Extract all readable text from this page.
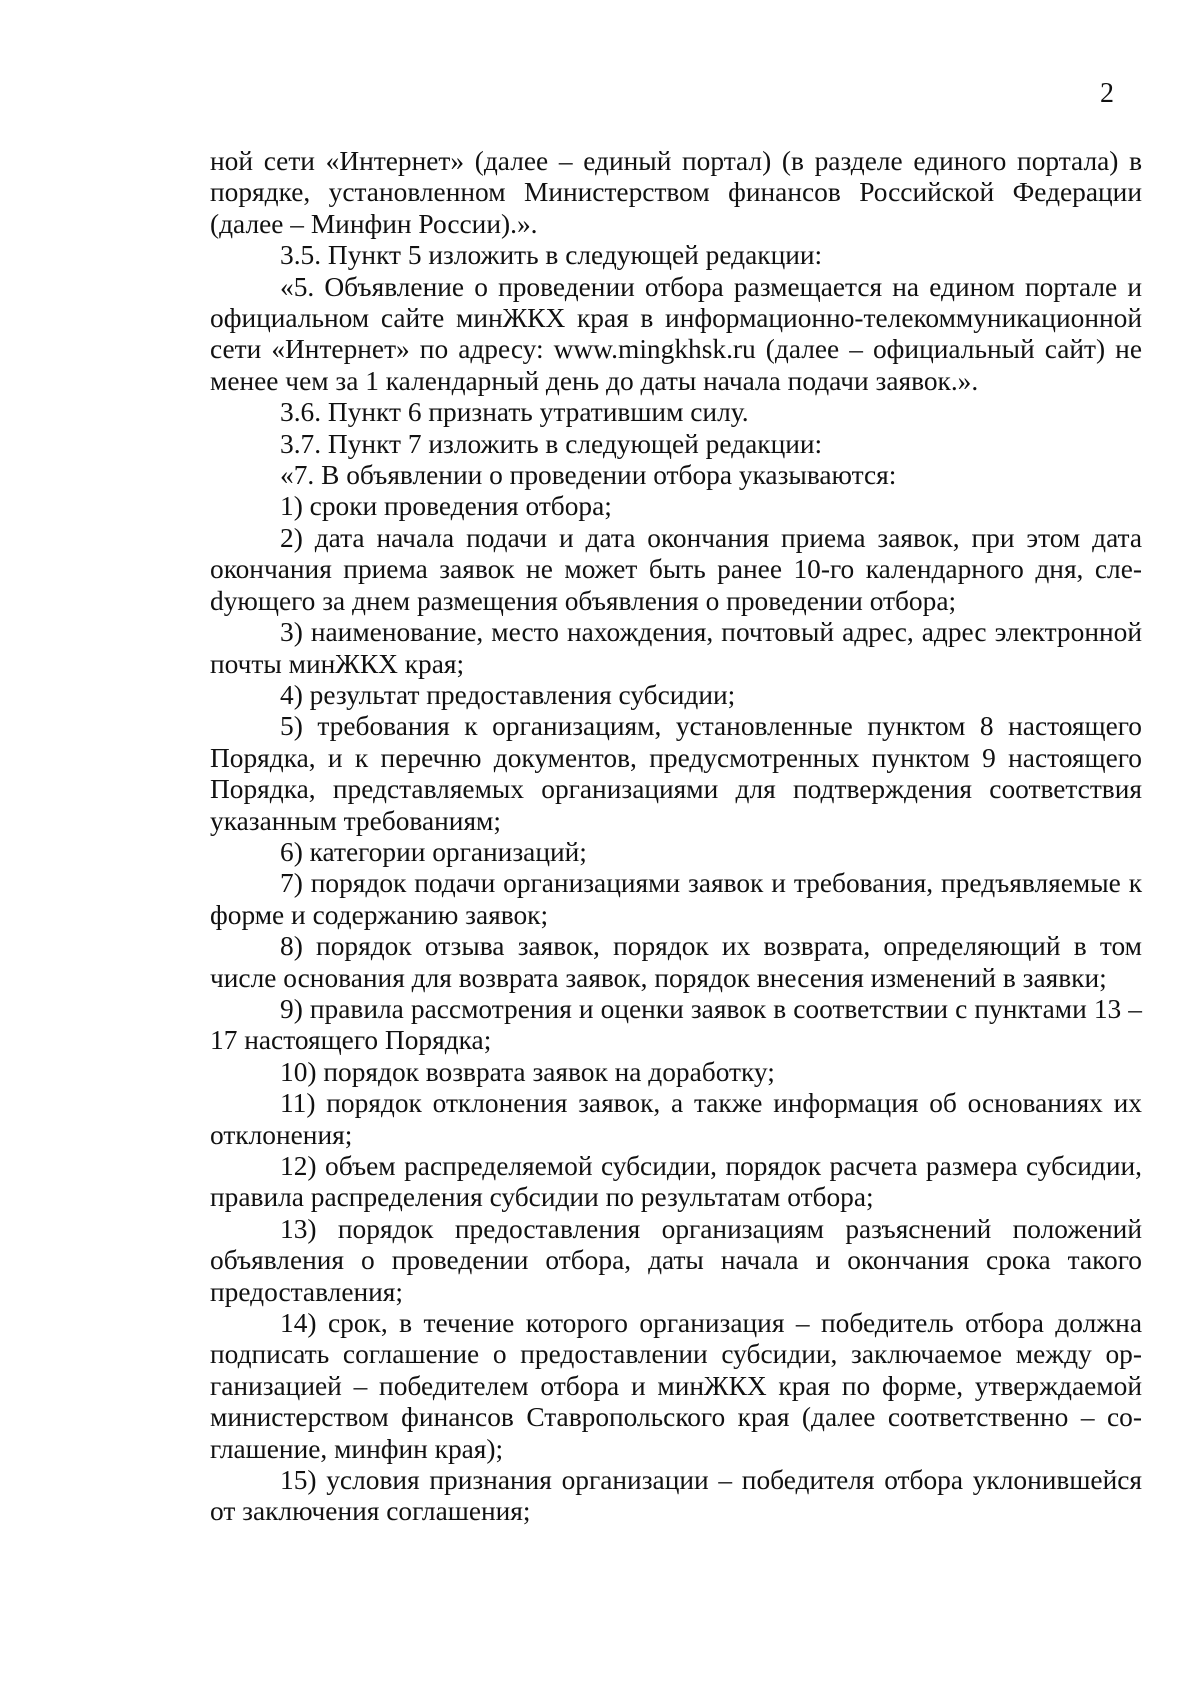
2

ной сети «Интернет» (далее – единый портал) (в разделе единого портала) в порядке, установленном Министерством финансов Российской Федерации (далее – Минфин России).».

3.5. Пункт 5 изложить в следующей редакции:

«5. Объявление о проведении отбора размещается на едином портале и официальном сайте минЖКХ края в информационно-телекоммуникационной сети «Интернет» по адресу: www.mingkhsk.ru (далее – официальный сайт) не менее чем за 1 календарный день до даты начала подачи заявок.».

3.6. Пункт 6 признать утратившим силу.

3.7. Пункт 7 изложить в следующей редакции:

«7. В объявлении о проведении отбора указываются:

1) сроки проведения отбора;

2) дата начала подачи и дата окончания приема заявок, при этом дата окончания приема заявок не может быть ранее 10-го календарного дня, слеdующего за днем размещения объявления о проведении отбора;

3) наименование, место нахождения, почтовый адрес, адрес электронной почты минЖКХ края;

4) результат предоставления субсидии;

5) требования к организациям, установленные пунктом 8 настоящего Порядка, и к перечню документов, предусмотренных пунктом 9 настоящего Порядка, представляемых организациями для подтверждения соответствия указанным требованиям;

6) категории организаций;

7) порядок подачи организациями заявок и требования, предъявляемые к форме и содержанию заявок;

8) порядок отзыва заявок, порядок их возврата, определяющий в том числе основания для возврата заявок, порядок внесения изменений в заявки;

9) правила рассмотрения и оценки заявок в соответствии с пунктами 13 – 17 настоящего Порядка;

10) порядок возврата заявок на доработку;

11) порядок отклонения заявок, а также информация об основаниях их отклонения;

12) объем распределяемой субсидии, порядок расчета размера субсидии, правила распределения субсидии по результатам отбора;

13) порядок предоставления организациям разъяснений положений объявления о проведении отбора, даты начала и окончания срока такого предоставления;

14) срок, в течение которого организация – победитель отбора должна подписать соглашение о предоставлении субсидии, заключаемое между организацией – победителем отбора и минЖКХ края по форме, утверждаемой министерством финансов Ставропольского края (далее соответственно – соглашение, минфин края);

15) условия признания организации – победителя отбора уклонившейся от заключения соглашения;
